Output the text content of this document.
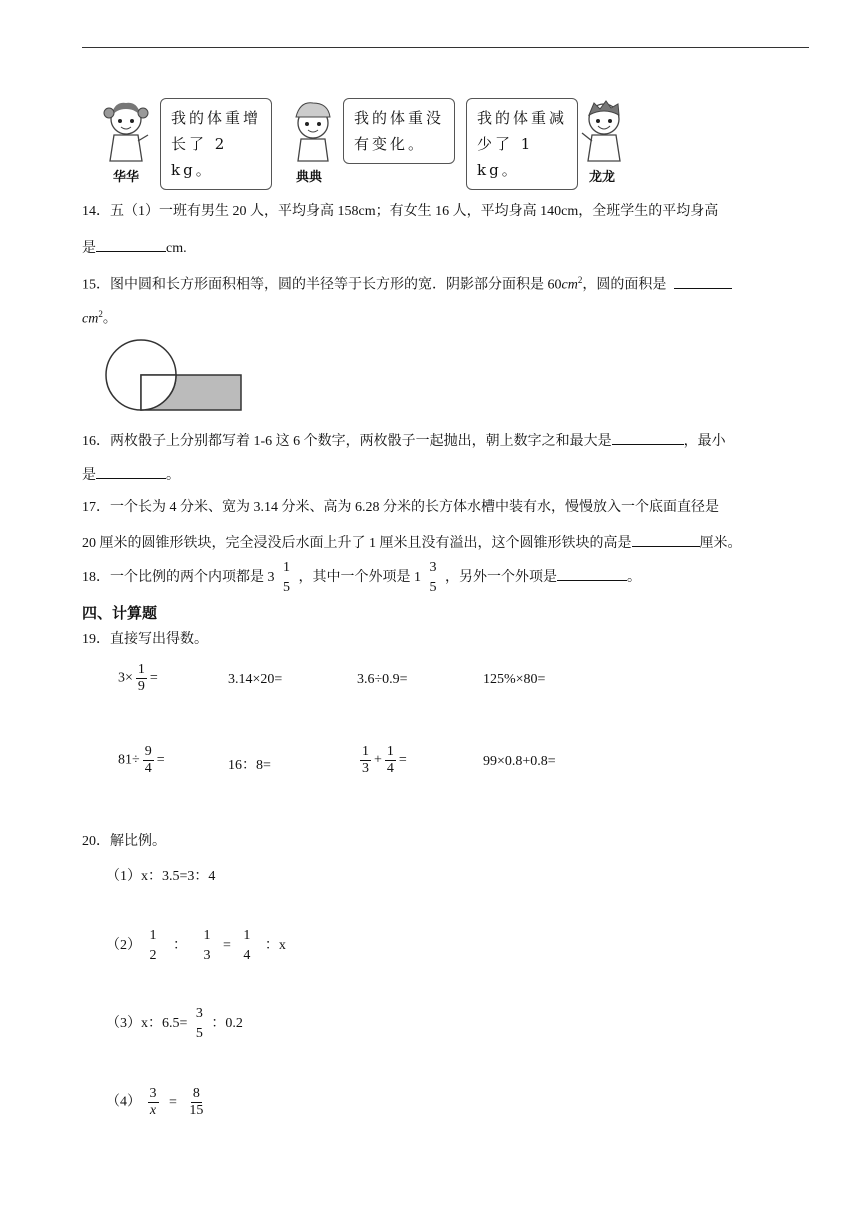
我的体重增
长了 2 kg。
华华
我的体重没
有变化。
典典
我的体重减
少了 1 kg。	龙龙
14．五（1）一班有男生 20 人，平均身高 158cm；有女生 16 人，平均身高 140cm，全班学生的平均身高
是	cm.
15．图中圆和长方形面积相等，圆的半径等于长方形的宽．阴影部分面积是 $60cm^2$，圆的面积是
$cm^2$。
16．两枚骰子上分别都写着 1-6 这 6 个数字，两枚骰子一起抛出，朝上数字之和最大是	，最小
是	。
17．一个长为 4 分米、宽为 3.14 分米、高为 6.28 分米的长方体水槽中装有水，慢慢放入一个底面直径是
20 厘米的圆锥形铁块，完全浸没后水面上升了 1 厘米且没有溢出，这个圆锥形铁块的高是	厘米。
18．一个比例的两个内项都是 3
1
5
，其中一个外项是 1
3
5
，另外一个外项是	。
四、计算题
19．直接写出得数。
$3\times \frac{1}{9}$ =	3.14×20=	3.6÷0.9=	125%×80=
$81\div \frac{9}{4}$ =	16：8=	$\frac{1}{3} + \frac{1}{4}$ =	99×0.8+0.8=
20．解比例。
（1）x：3.5=3：4
（2）
1
2
：
1
3
=
1
4
：x
（3）x：6.5=
3
5
：0.2
$(4) \frac{3}{x} = \frac{8}{15}$
